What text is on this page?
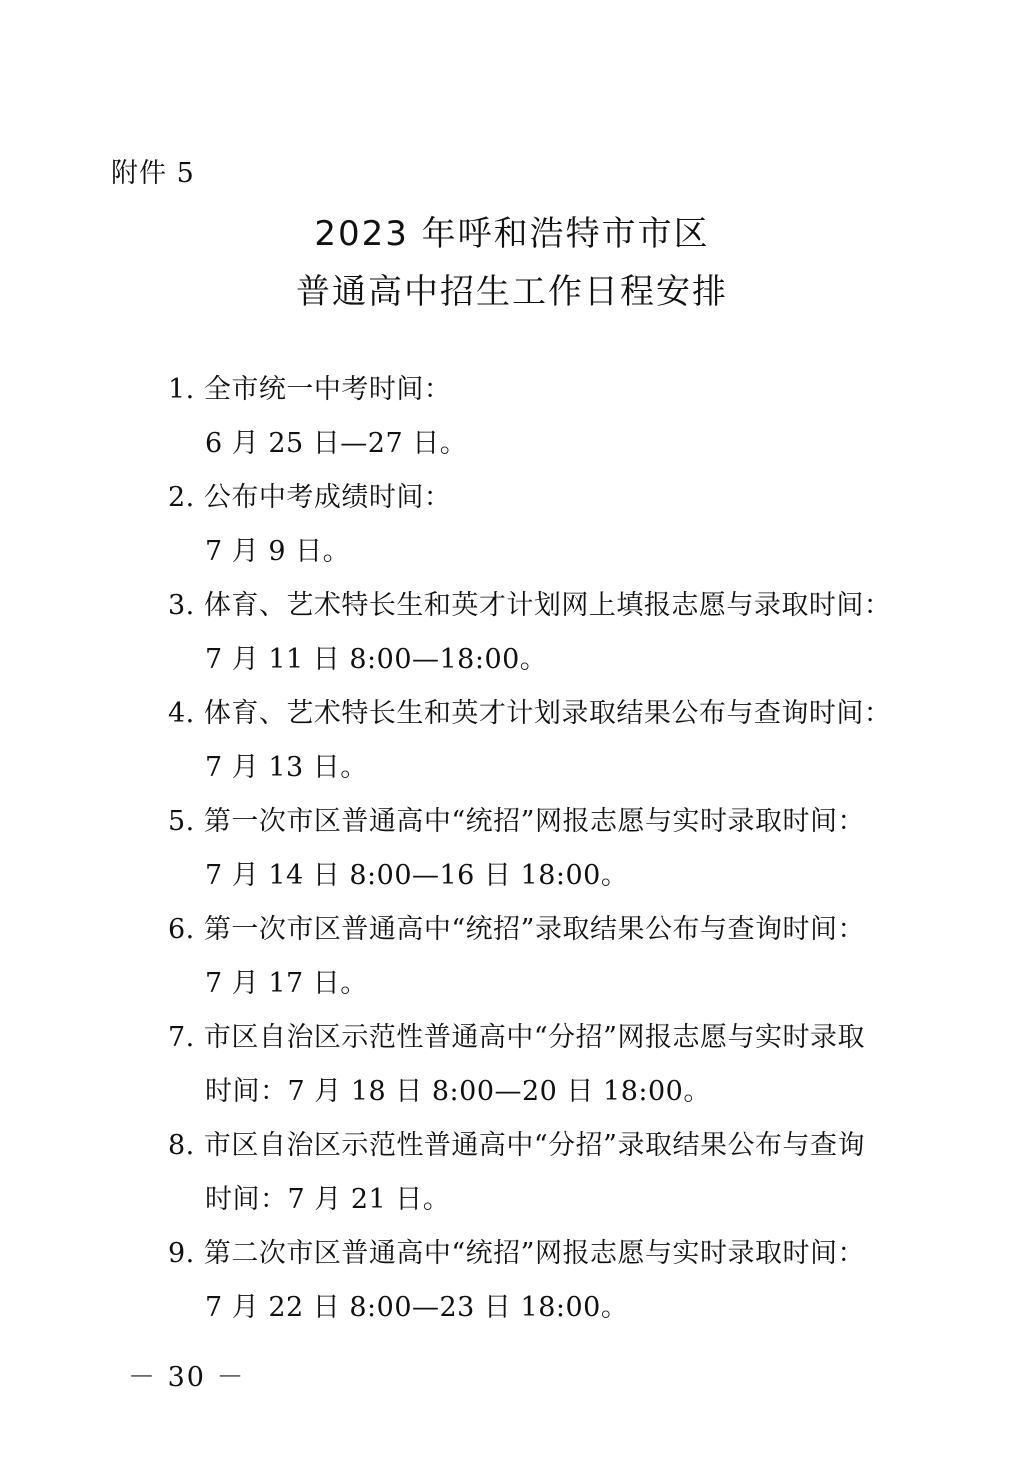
附件 5
2023 年呼和浩特市市区
普通高中招生工作日程安排
1. 全市统一中考时间：
6 月 25 日—27 日。
2. 公布中考成绩时间：
7 月 9 日。
3. 体育、艺术特长生和英才计划网上填报志愿与录取时间：
7 月 11 日 8:00—18:00。
4. 体育、艺术特长生和英才计划录取结果公布与查询时间：
7 月 13 日。
5. 第一次市区普通高中“统招”网报志愿与实时录取时间：
7 月 14 日 8:00—16 日 18:00。
6. 第一次市区普通高中“统招”录取结果公布与查询时间：
7 月 17 日。
7. 市区自治区示范性普通高中“分招”网报志愿与实时录取
时间：7 月 18 日 8:00—20 日 18:00。
8. 市区自治区示范性普通高中“分招”录取结果公布与查询
时间：7 月 21 日。
9. 第二次市区普通高中“统招”网报志愿与实时录取时间：
7 月 22 日 8:00—23 日 18:00。
－ 30 －
